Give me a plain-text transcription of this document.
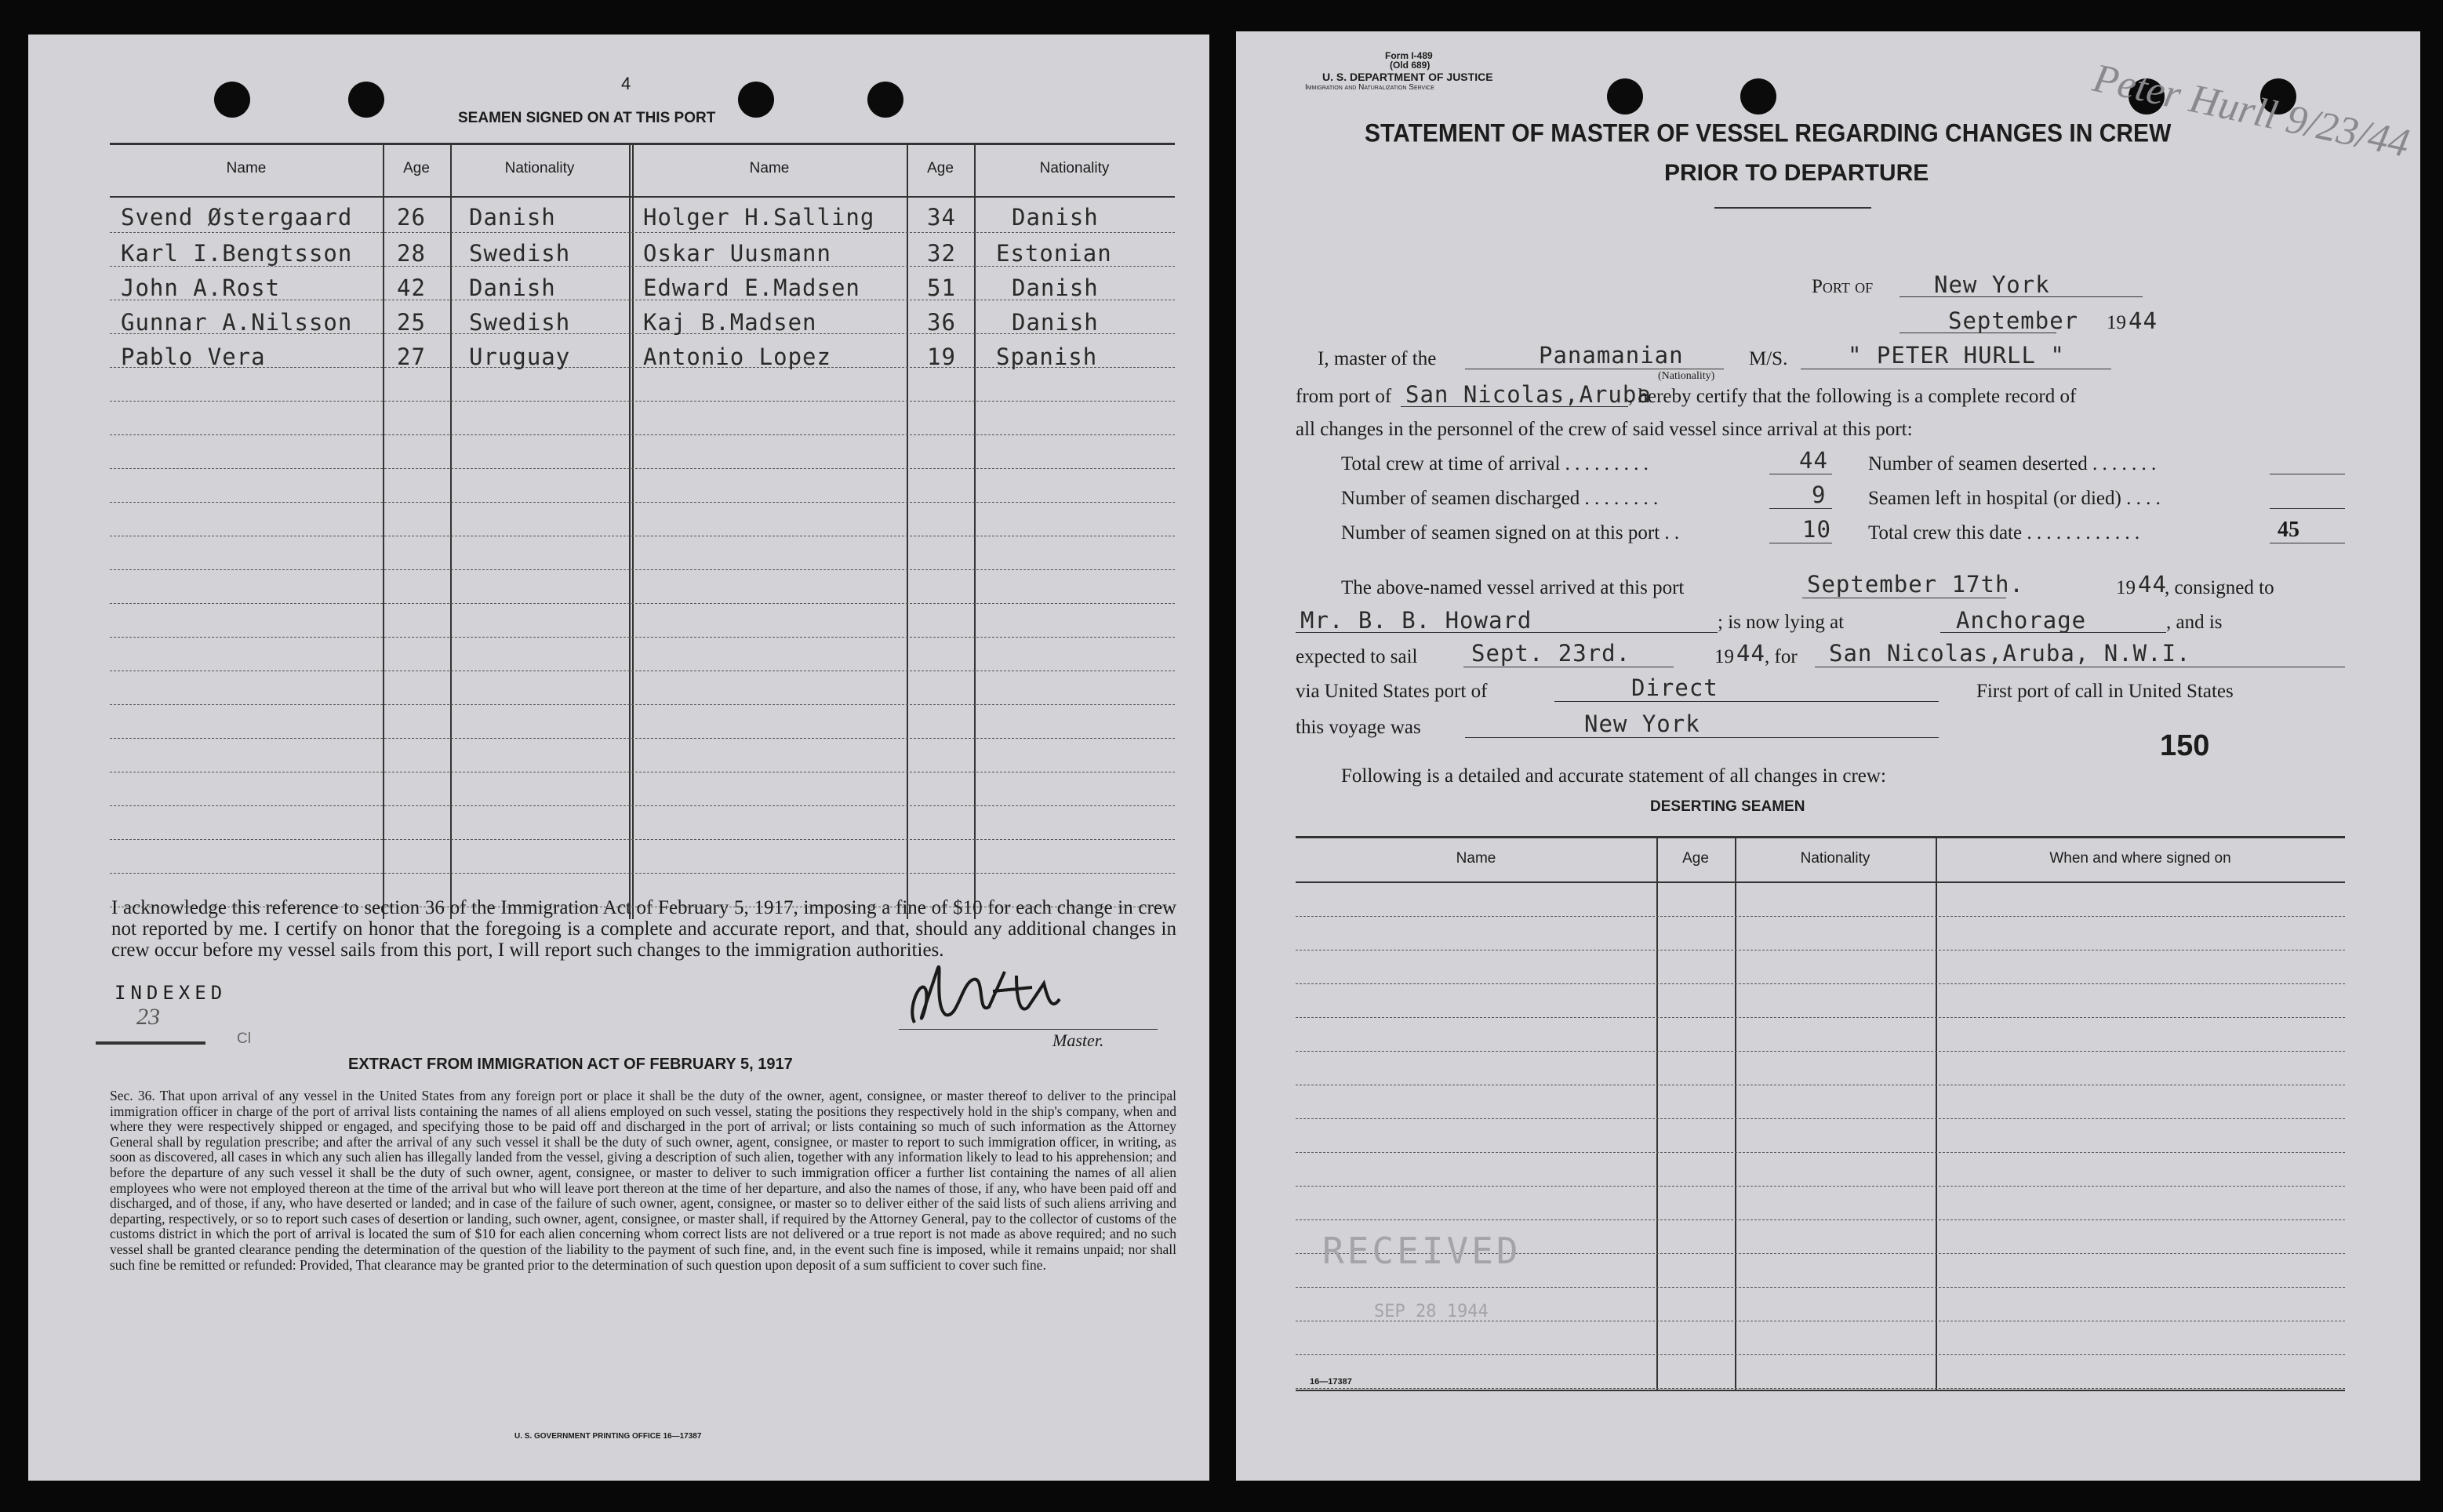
4
SEAMEN SIGNED ON AT THIS PORT
Name	Age	Nationality	Name	Age	Nationality
Svend Østergaard 26 Danish	Holger H.Salling 34 Danish
Karl I.Bengtsson 28 Swedish	Oskar Uusmann	32 Estonian
John A.Rost	42 Danish	Edward E.Madsen	51 Danish
Gunnar A.Nilsson 25 Swedish	Kaj B.Madsen	36 Danish
Pablo Vera	27 Uruguay	Antonio Lopez	19 Spanish
I acknowledge this reference to section 36 of the Immigration Act of February 5, 1917, imposing a fine of $10 for each change in crew not reported by me. I certify on honor that the foregoing is a complete and accurate report, and that, should any additional changes in crew occur before my vessel sails from this port, I will report such changes to the immigration authorities.
INDEXED
23
Cl	Master.
EXTRACT FROM IMMIGRATION ACT OF FEBRUARY 5, 1917
Sec. 36. That upon arrival of any vessel in the United States from any foreign port or place it shall be the duty of the owner, agent, consignee, or master thereof to deliver to the principal immigration officer in charge of the port of arrival lists containing the names of all aliens employed on such vessel, stating the positions they respectively hold in the ship's company, when and where they were respectively shipped or engaged, and specifying those to be paid off and discharged in the port of arrival; or lists containing so much of such information as the Attorney General shall by regulation prescribe; and after the arrival of any such vessel it shall be the duty of such owner, agent, consignee, or master to report to such immigration officer, in writing, as soon as discovered, all cases in which any such alien has illegally landed from the vessel, giving a description of such alien, together with any information likely to lead to his apprehension; and before the departure of any such vessel it shall be the duty of such owner, agent, consignee, or master to deliver to such immigration officer a further list containing the names of all alien employees who were not employed thereon at the time of the arrival but who will leave port thereon at the time of her departure, and also the names of those, if any, who have been paid off and discharged, and of those, if any, who have deserted or landed; and in case of the failure of such owner, agent, consignee, or master so to deliver either of the said lists of such aliens arriving and departing, respectively, or so to report such cases of desertion or landing, such owner, agent, consignee, or master shall, if required by the Attorney General, pay to the collector of customs of the customs district in which the port of arrival is located the sum of $10 for each alien concerning whom correct lists are not delivered or a true report is not made as above required; and no such vessel shall be granted clearance pending the determination of the question of the liability to the payment of such fine, and, in the event such fine is imposed, while it remains unpaid; nor shall such fine be remitted or refunded: Provided, That clearance may be granted prior to the determination of such question upon deposit of a sum sufficient to cover such fine.
U. S. GOVERNMENT PRINTING OFFICE 16—17387
Form I-489
(Old 689)
U. S. DEPARTMENT OF JUSTICE
Immigration and Naturalization Service	Peter Hurll 9/23/44
STATEMENT OF MASTER OF VESSEL REGARDING CHANGES IN CREW
PRIOR TO DEPARTURE
Port of	New York
September 19 44
I, master of the	Panamanian
(Nationality)
M/S.	" PETER HURLL "
from port of San Nicolas,Aruba
, hereby certify that the following is a complete record of
all changes in the personnel of the crew of said vessel since arrival at this port:
Total crew at time of arrival . . . . . . . . .	44
Number of seamen discharged . . . . . . . .	9
Number of seamen signed on at this port . .	10
Number of seamen deserted . . . . . . .
Seamen left in hospital (or died) . . . .
Total crew this date . . . . . . . . . . . .	45
The above-named vessel arrived at this port	September 17th.	19 44
, consigned to
Mr. B. B. Howard	; is now lying at	Anchorage	, and is
expected to sail Sept. 23rd.	19 44 , for San Nicolas,Aruba, N.W.I.
via United States port of	Direct	First port of call in United States
this voyage was	New York
150
Following is a detailed and accurate statement of all changes in crew:
DESERTING SEAMEN
Name	Age	Nationality	When and where signed on
RECEIVED
SEP 28 1944
16—17387
